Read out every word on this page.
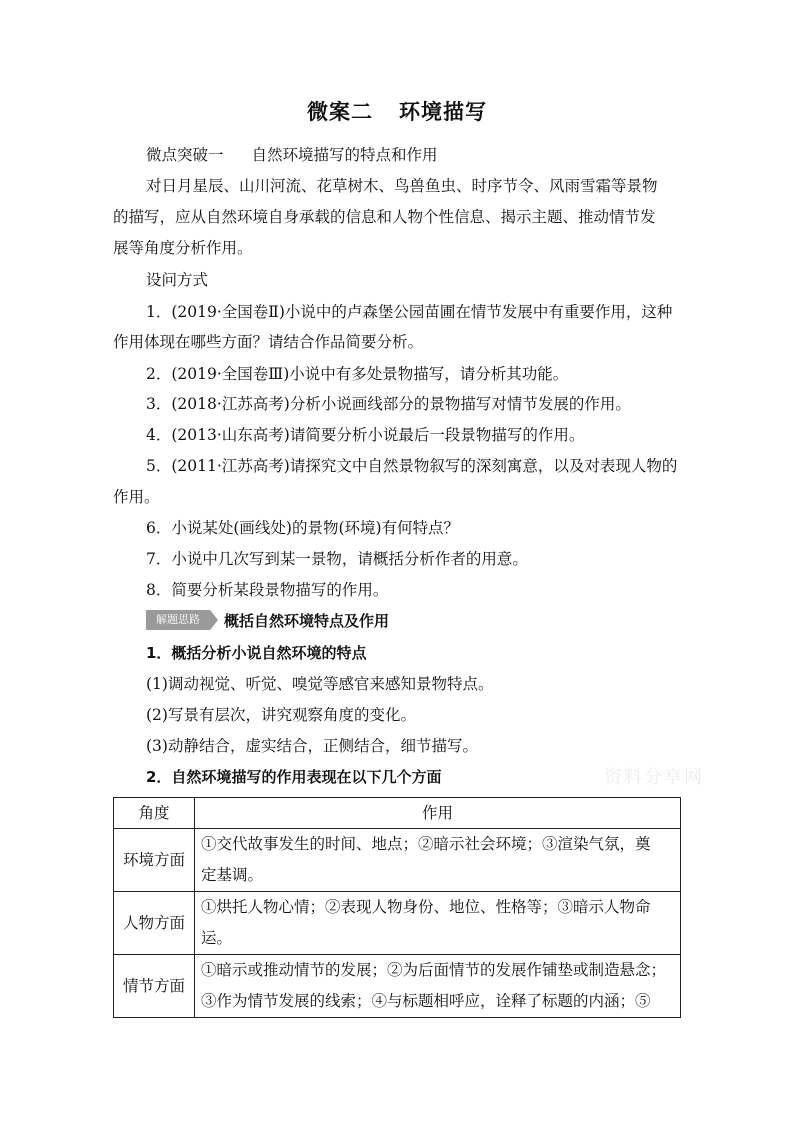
微案二 环境描写
微点突破一 自然环境描写的特点和作用
对日月星辰、山川河流、花草树木、鸟兽鱼虫、时序节令、风雨雪霜等景物
的描写，应从自然环境自身承载的信息和人物个性信息、揭示主题、推动情节发
展等角度分析作用。
设问方式
1．(2019·全国卷Ⅱ)小说中的卢森堡公园苗圃在情节发展中有重要作用，这种
作用体现在哪些方面？请结合作品简要分析。
2．(2019·全国卷Ⅲ)小说中有多处景物描写，请分析其功能。
3．(2018·江苏高考)分析小说画线部分的景物描写对情节发展的作用。
4．(2013·山东高考)请简要分析小说最后一段景物描写的作用。
5．(2011·江苏高考)请探究文中自然景物叙写的深刻寓意，以及对表现人物的
作用。
6．小说某处(画线处)的景物(环境)有何特点？
7．小说中几次写到某一景物，请概括分析作者的用意。
8．简要分析某段景物描写的作用。
解题思路	概括自然环境特点及作用
1．概括分析小说自然环境的特点
(1)调动视觉、听觉、嗅觉等感官来感知景物特点。
(2)写景有层次，讲究观察角度的变化。
(3)动静结合，虚实结合，正侧结合，细节描写。
2．自然环境描写的作用表现在以下几个方面	资料分享网
角度	作用
环境方面	①交代故事发生的时间、地点；②暗示社会环境；③渲染气氛，奠
定基调。

人物方面	①烘托人物心情；②表现人物身份、地位、性格等；③暗示人物命
运。

情节方面	①暗示或推动情节的发展；②为后面情节的发展作铺垫或制造悬念；
③作为情节发展的线索；④与标题相呼应，诠释了标题的内涵；⑤
